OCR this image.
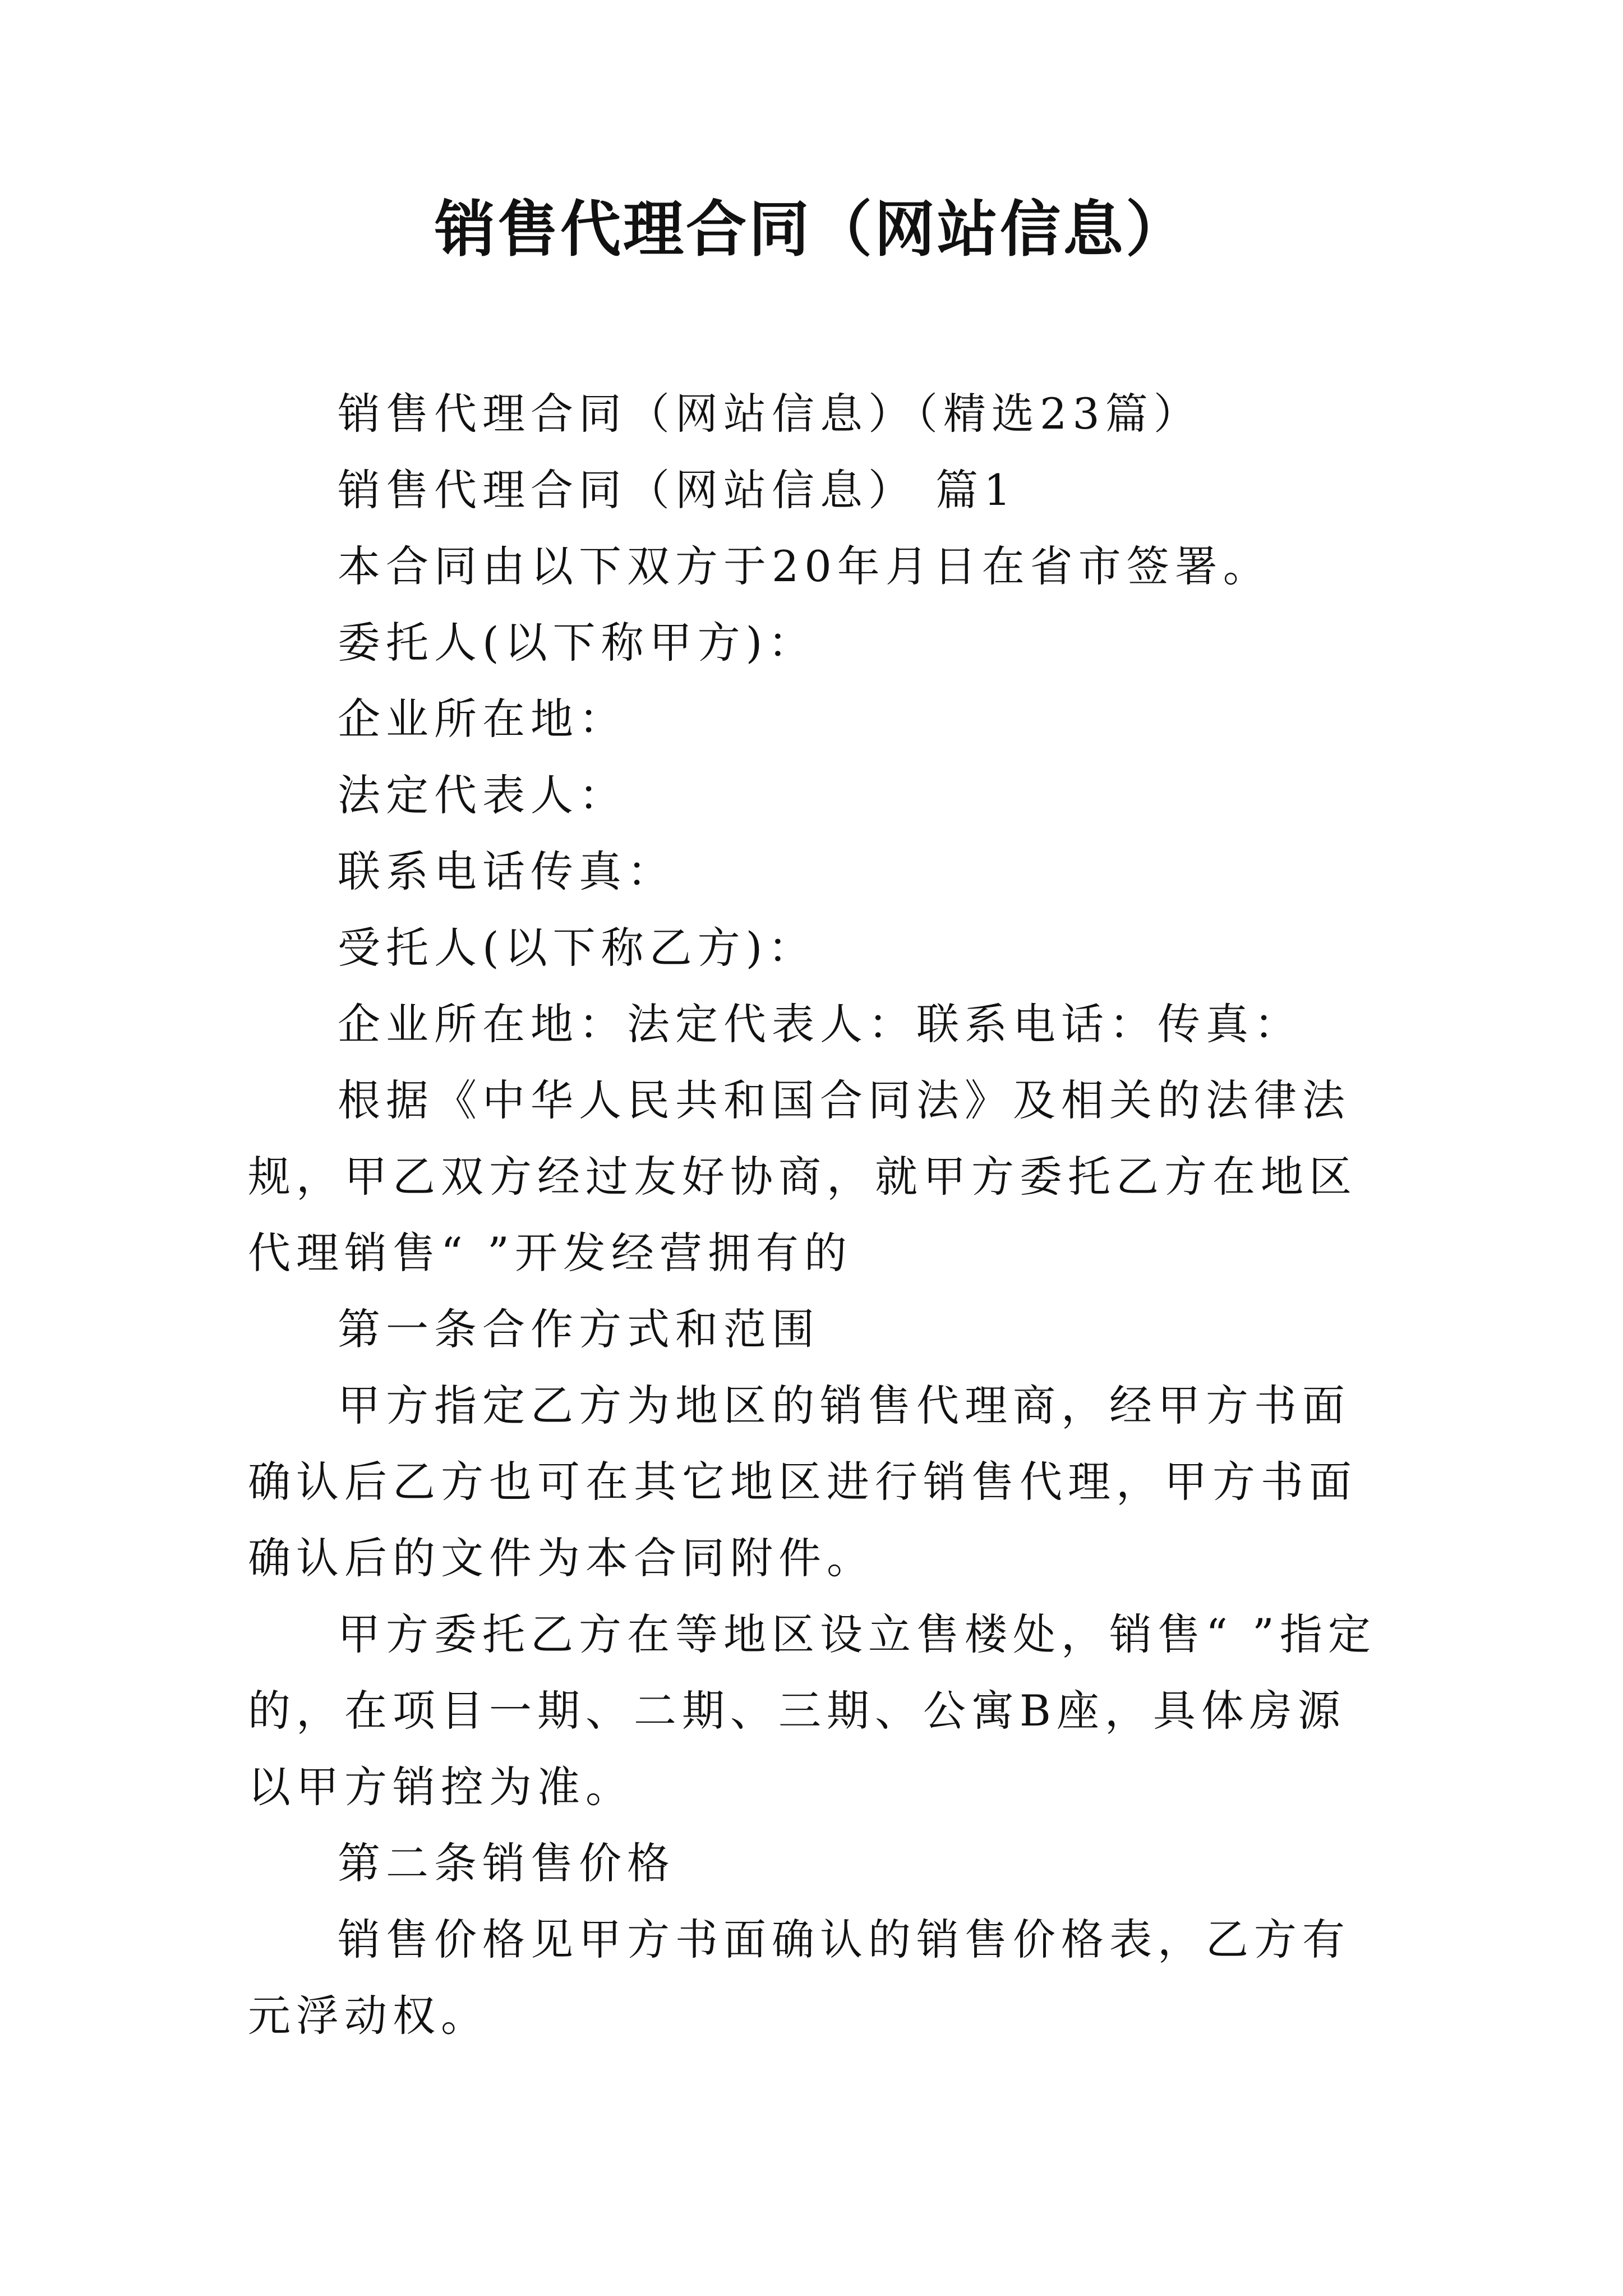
销售代理合同（网站信息）

销售代理合同（网站信息）（精选23篇）

销售代理合同（网站信息） 篇1

本合同由以下双方于20年月日在省市签署。

委托人(以下称甲方)：

企业所在地：

法定代表人：

联系电话传真：

受托人(以下称乙方)：

企业所在地：法定代表人：联系电话：传真：

根据《中华人民共和国合同法》及相关的法律法规，甲乙双方经过友好协商，就甲方委托乙方在地区代理销售“ ”开发经营拥有的

第一条合作方式和范围

甲方指定乙方为地区的销售代理商，经甲方书面确认后乙方也可在其它地区进行销售代理，甲方书面确认后的文件为本合同附件。

甲方委托乙方在等地区设立售楼处，销售“ ”指定的，在项目一期、二期、三期、公寓B座，具体房源以甲方销控为准。

第二条销售价格

销售价格见甲方书面确认的销售价格表，乙方有元浮动权。
